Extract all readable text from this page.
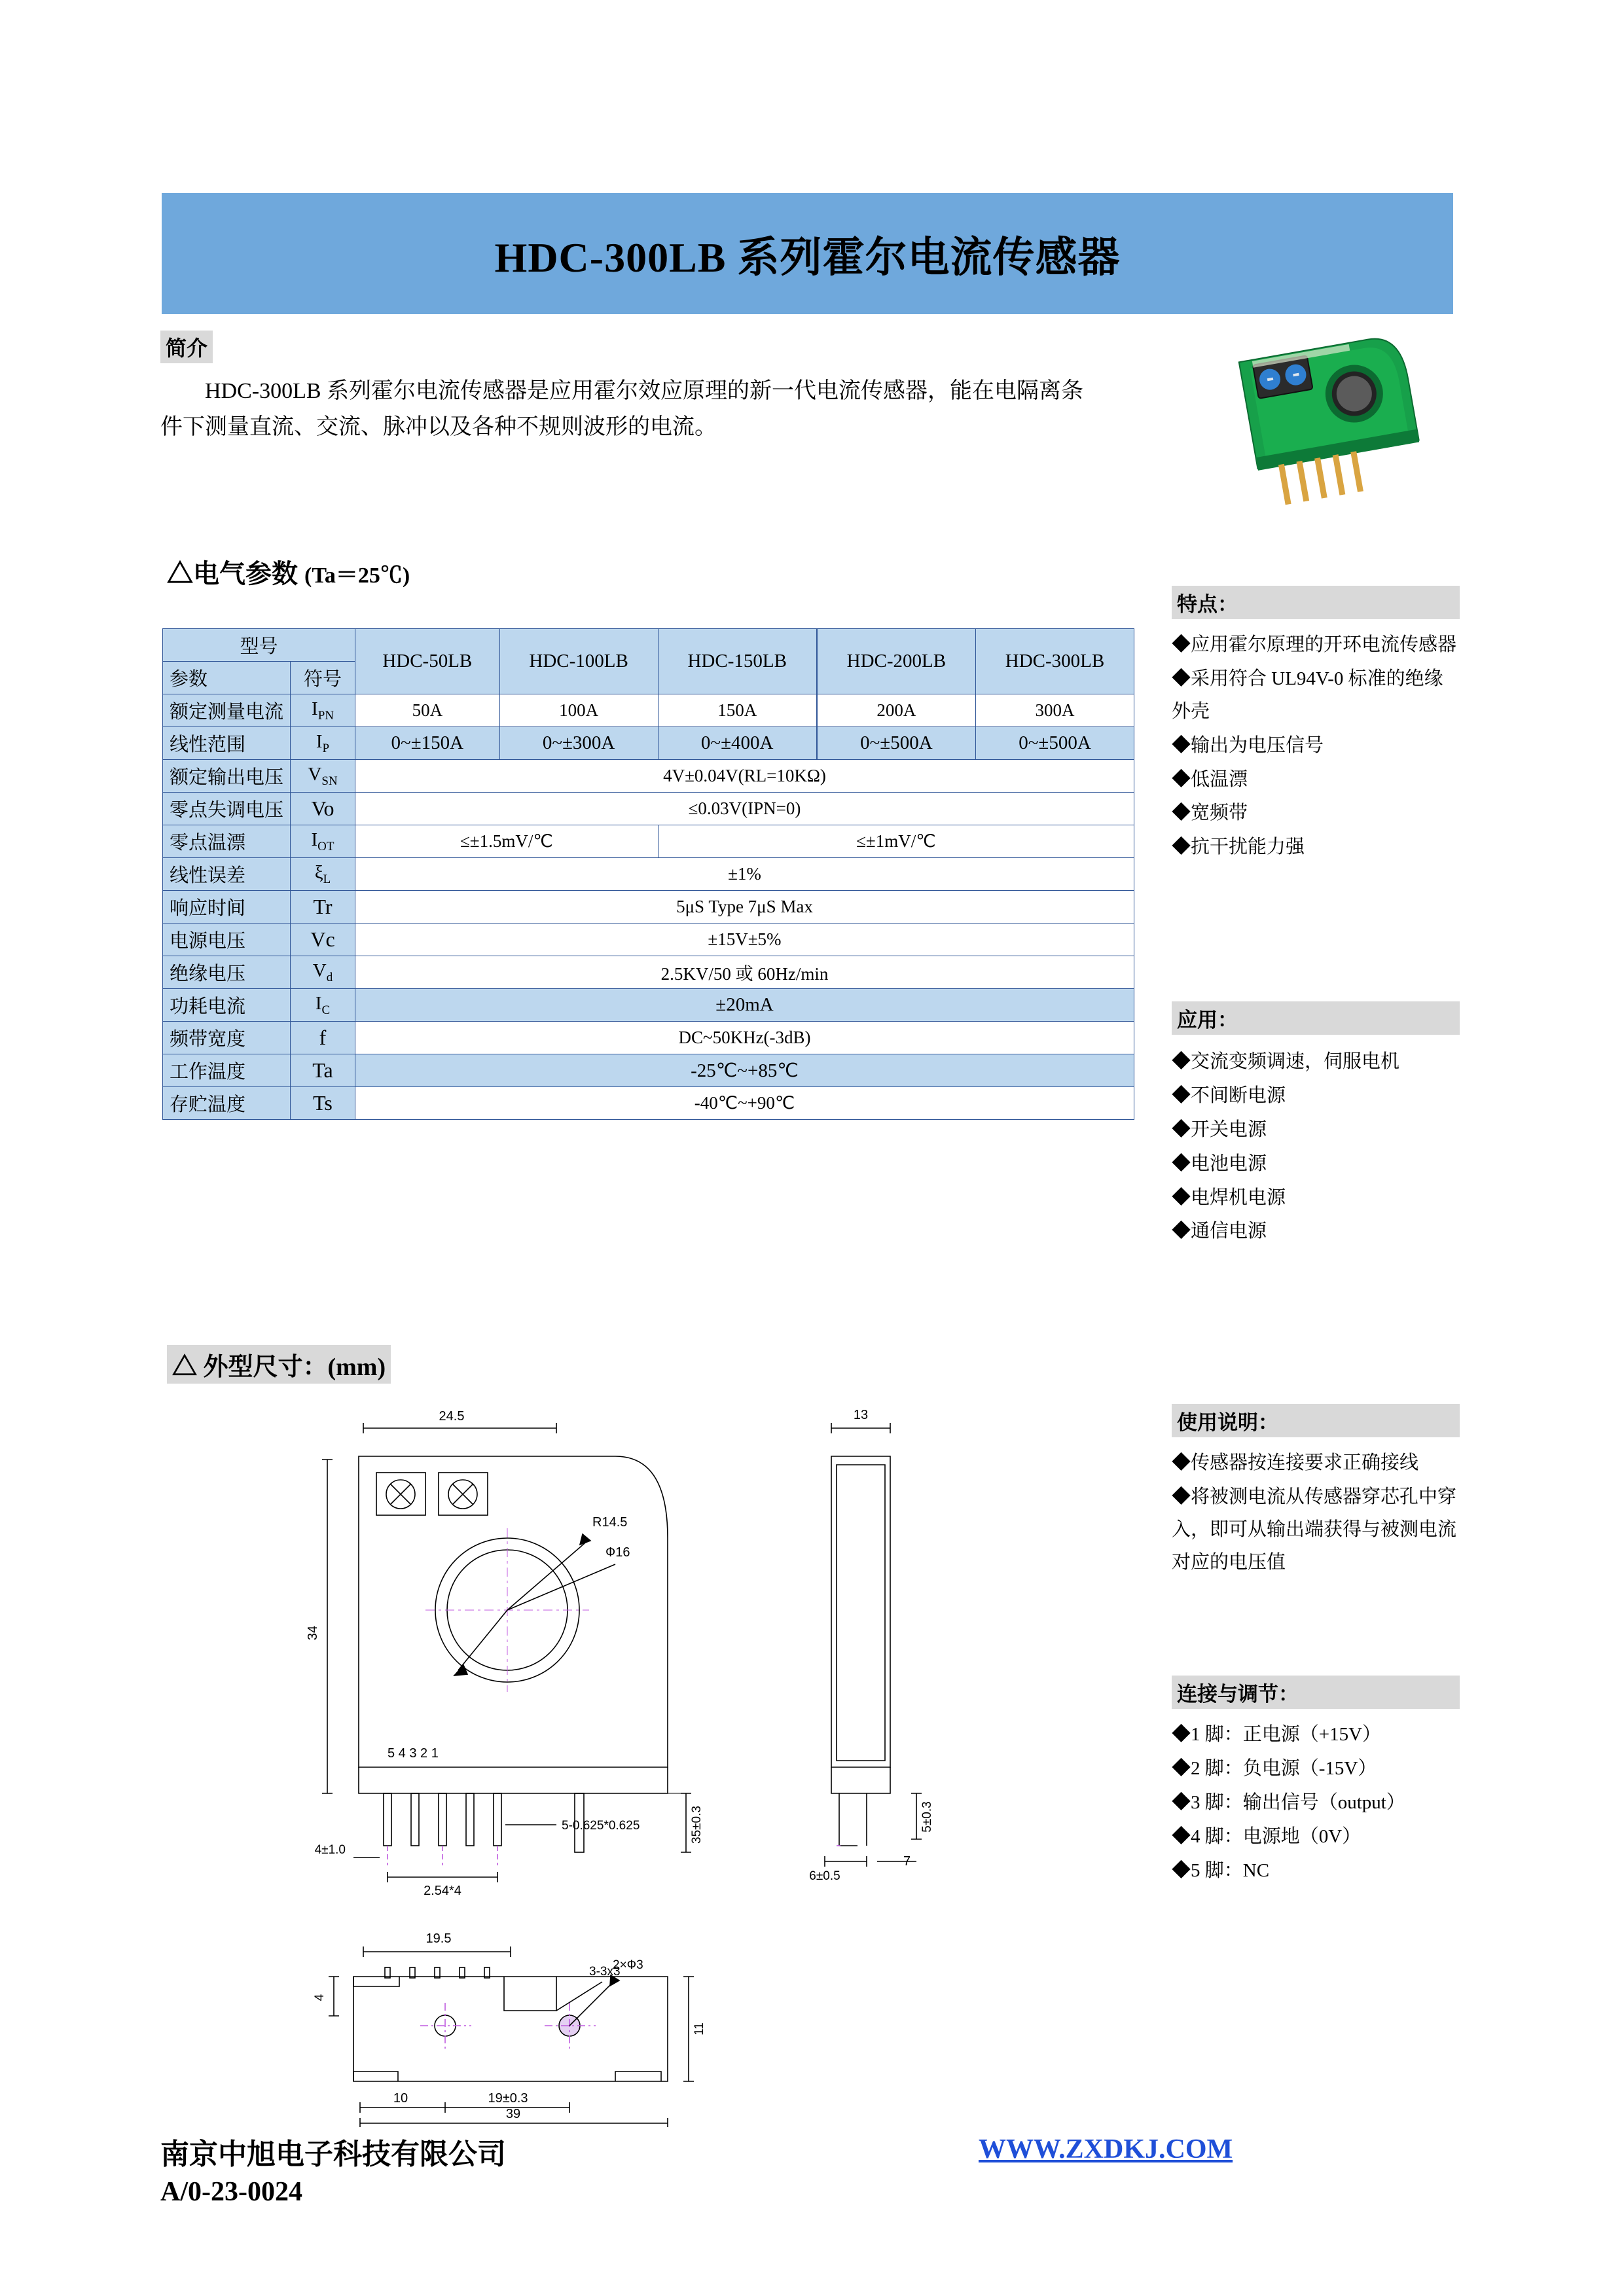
HDC-300LB 系列霍尔电流传感器
简介

HDC-300LB 系列霍尔电流传感器是应用霍尔效应原理的新一代电流传感器，能在电隔离条件下测量直流、交流、脉冲以及各种不规则波形的电流。

△电气参数 (Ta＝25℃)
型号		HDC-50LB	HDC-100LB	HDC-150LB	HDC-200LB	HDC-300LB
参数	符号					
额定测量电流	$I_{PN}$	50A	100A	150A	200A	300A
线性范围	$I_P$	0~±150A	0~±300A	0~±400A	0~±500A	0~±500A
额定输出电压	$V_{SN}$	4V±0.04V(RL=10KΩ)				
零点失调电压	Vo	≤0.03V(IPN=0)				
零点温漂	$I_{OT}$	≤±1.5mV/℃		≤±1mV/℃		
线性误差	$\xi_L$	±1%				
响应时间	Tr	5μS Type 7μS Max				
电源电压	Vc	±15V±5%				
绝缘电压	$V_d$	2.5KV/50 或 60Hz/min				
功耗电流	$I_C$	±20mA				
频带宽度	f	DC~50KHz(-3dB)				
工作温度	Ta	-25℃~+85℃				
存贮温度	Ts	-40℃~+90℃				
△ 外型尺寸：(mm)
34
24.5
R14.5
Ф16
5 4 3 2 1
4±1.0
2.54*4
5-0.625*0.625	35±0.3
13
6±0.5
7
5±0.3
19.5
3-3x3
2×Ф3
4
11
10	19±0.3
39
特点：
◆应用霍尔原理的开环电流传感器
◆采用符合 UL94V-0 标准的绝缘外壳
◆输出为电压信号
◆低温漂
◆宽频带
◆抗干扰能力强
应用：
◆交流变频调速，伺服电机
◆不间断电源
◆开关电源
◆电池电源
◆电焊机电源
◆通信电源
使用说明：
◆传感器按连接要求正确接线
◆将被测电流从传感器穿芯孔中穿入，即可从输出端获得与被测电流对应的电压值
连接与调节：
◆1 脚：正电源（+15V）
◆2 脚：负电源（-15V）
◆3 脚：输出信号（output）
◆4 脚：电源地（0V）
◆5 脚：NC
南京中旭电子科技有限公司
A/0-23-0024
WWW.ZXDKJ.COM
